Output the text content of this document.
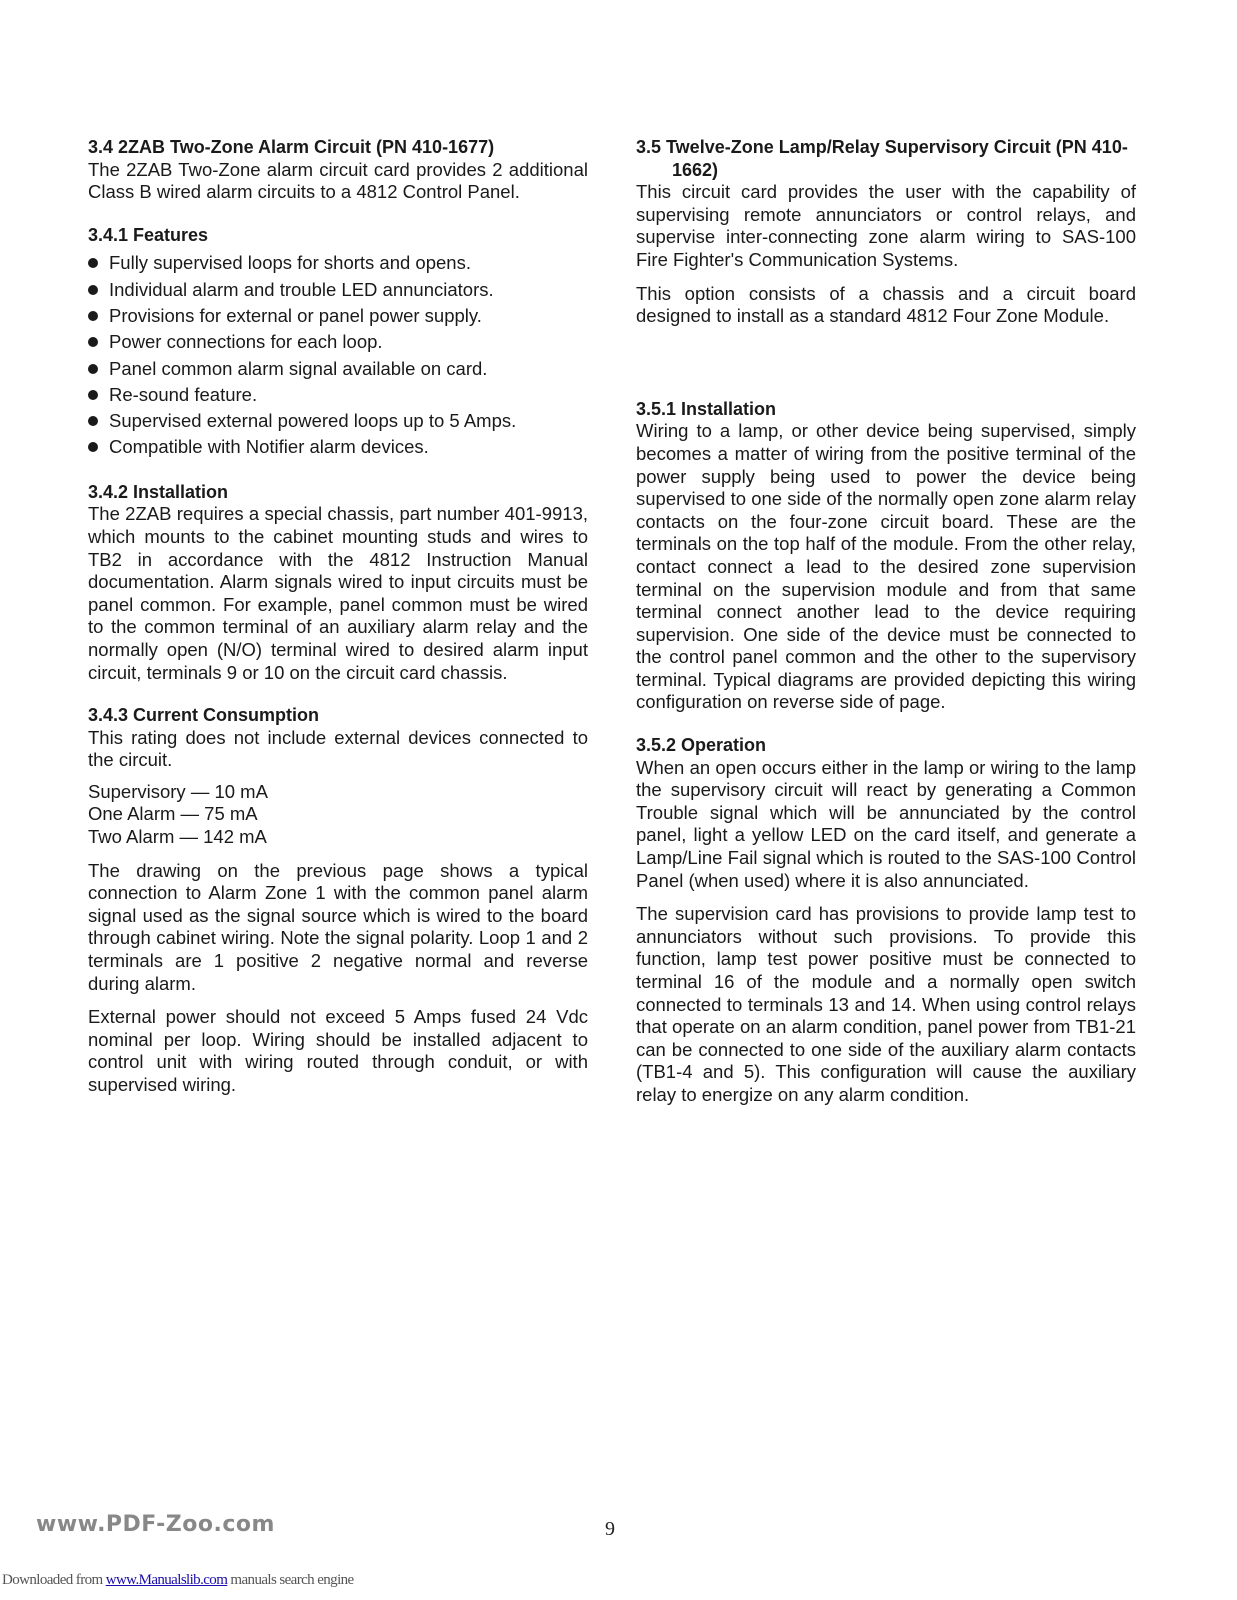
3.4 2ZAB Two-Zone Alarm Circuit (PN 410-1677)

The 2ZAB Two-Zone alarm circuit card provides 2 additional Class B wired alarm circuits to a 4812 Control Panel.

3.4.1 Features
Fully supervised loops for shorts and opens.
Individual alarm and trouble LED annunciators.
Provisions for external or panel power supply.
Power connections for each loop.
Panel common alarm signal available on card.
Re-sound feature.
Supervised external powered loops up to 5 Amps.
Compatible with Notifier alarm devices.
3.4.2 Installation

The 2ZAB requires a special chassis, part number 401-9913, which mounts to the cabinet mounting studs and wires to TB2 in accordance with the 4812 Instruction Manual documentation. Alarm signals wired to input circuits must be panel common. For example, panel common must be wired to the common terminal of an auxiliary alarm relay and the normally open (N/O) terminal wired to desired alarm input circuit, terminals 9 or 10 on the circuit card chassis.

3.4.3 Current Consumption

This rating does not include external devices connected to the circuit.

Supervisory — 10 mA
One Alarm — 75 mA
Two Alarm — 142 mA

The drawing on the previous page shows a typical connection to Alarm Zone 1 with the common panel alarm signal used as the signal source which is wired to the board through cabinet wiring. Note the signal polarity. Loop 1 and 2 terminals are 1 positive 2 negative normal and reverse during alarm.

External power should not exceed 5 Amps fused 24 Vdc nominal per loop. Wiring should be installed adjacent to control unit with wiring routed through conduit, or with supervised wiring.

3.5 Twelve-Zone Lamp/Relay Supervisory Circuit (PN 410-1662)

This circuit card provides the user with the capability of supervising remote annunciators or control relays, and supervise inter-connecting zone alarm wiring to SAS-100 Fire Fighter's Communication Systems.

This option consists of a chassis and a circuit board designed to install as a standard 4812 Four Zone Module.

3.5.1 Installation

Wiring to a lamp, or other device being supervised, simply becomes a matter of wiring from the positive terminal of the power supply being used to power the device being supervised to one side of the normally open zone alarm relay contacts on the four-zone circuit board. These are the terminals on the top half of the module. From the other relay, contact connect a lead to the desired zone supervision terminal on the supervision module and from that same terminal connect another lead to the device requiring supervision. One side of the device must be connected to the control panel common and the other to the supervisory terminal. Typical diagrams are provided depicting this wiring configuration on reverse side of page.

3.5.2 Operation

When an open occurs either in the lamp or wiring to the lamp the supervisory circuit will react by generating a Common Trouble signal which will be annunciated by the control panel, light a yellow LED on the card itself, and generate a Lamp/Line Fail signal which is routed to the SAS-100 Control Panel (when used) where it is also annunciated.

The supervision card has provisions to provide lamp test to annunciators without such provisions. To provide this function, lamp test power positive must be connected to terminal 16 of the module and a normally open switch connected to terminals 13 and 14. When using control relays that operate on an alarm condition, panel power from TB1-21 can be connected to one side of the auxiliary alarm contacts (TB1-4 and 5). This configuration will cause the auxiliary relay to energize on any alarm condition.

www.PDF-Zoo.com	9
Downloaded from www.Manualslib.com manuals search engine
